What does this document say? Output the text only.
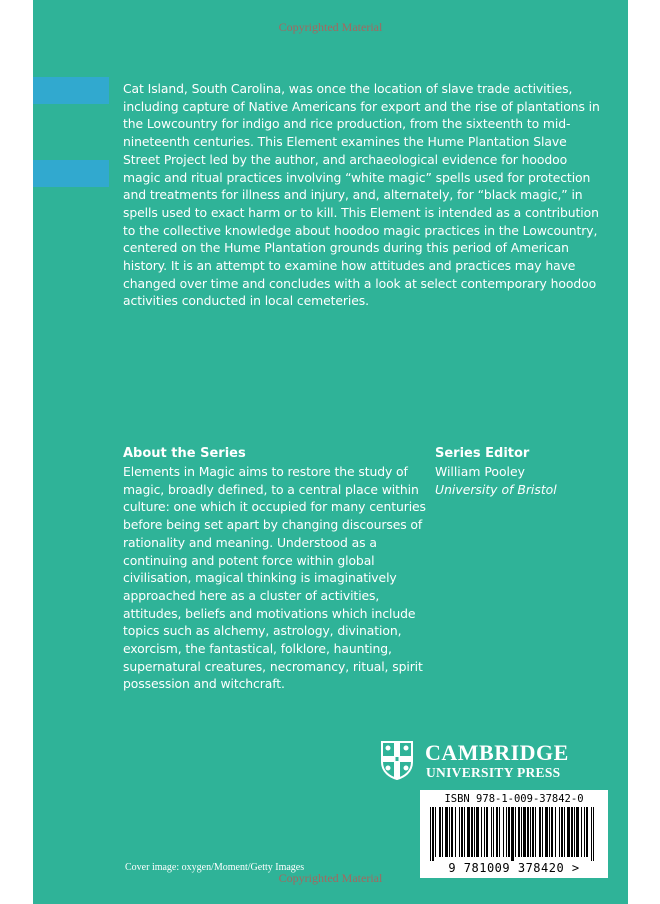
Copyrighted Material

Cat Island, South Carolina, was once the location of slave trade activities, including capture of Native Americans for export and the rise of plantations in the Lowcountry for indigo and rice production, from the sixteenth to mid-nineteenth centuries. This Element examines the Hume Plantation Slave Street Project led by the author, and archaeological evidence for hoodoo magic and ritual practices involving “white magic” spells used for protection and treatments for illness and injury, and, alternately, for “black magic,” in spells used to exact harm or to kill. This Element is intended as a contribution to the collective knowledge about hoodoo magic practices in the Lowcountry, centered on the Hume Plantation grounds during this period of American history. It is an attempt to examine how attitudes and practices may have changed over time and concludes with a look at select contemporary hoodoo activities conducted in local cemeteries.

About the Series

Elements in Magic aims to restore the study of magic, broadly defined, to a central place within culture: one which it occupied for many centuries before being set apart by changing discourses of rationality and meaning. Understood as a continuing and potent force within global civilisation, magical thinking is imaginatively approached here as a cluster of activities, attitudes, beliefs and motivations which include topics such as alchemy, astrology, divination, exorcism, the fantastical, folklore, haunting, supernatural creatures, necromancy, ritual, spirit possession and witchcraft.

Series Editor
William Pooley
University of Bristol
CAMBRIDGE
UNIVERSITY PRESS
ISBN 978-1-009-37842-0
9 781009 378420 >
Cover image: oxygen/Moment/Getty Images
Copyrighted Material
